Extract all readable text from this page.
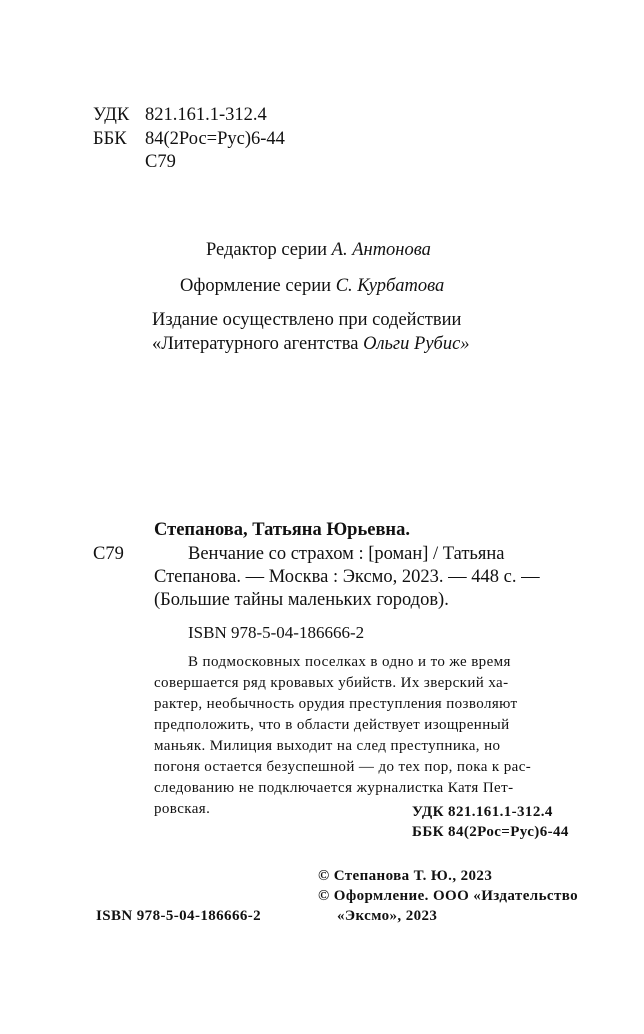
УДК 821.161.1-312.4
ББК 84(2Рос=Рус)6-44
С79
Редактор серии А. Антонова
Оформление серии С. Курбатова
Издание осуществлено при содействии
«Литературного агентства Ольги Рубис»
С79
Степанова, Татьяна Юрьевна.
Венчание со страхом : [роман] / Татьяна
Степанова. — Москва : Эксмо, 2023. — 448 с. —
(Большие тайны маленьких городов).
ISBN 978-5-04-186666-2
В подмосковных поселках в одно и то же время
совершается ряд кровавых убийств. Их зверский ха-
рактер, необычность орудия преступления позволяют
предположить, что в области действует изощренный
маньяк. Милиция выходит на след преступника, но
погоня остается безуспешной — до тех пор, пока к рас-
следованию не подключается журналистка Катя Пет-
ровская.	УДК 821.161.1-312.4
ББК 84(2Рос=Рус)6-44
© Степанова Т. Ю., 2023
© Оформление. ООО «Издательство
«Эксмо», 2023
ISBN 978-5-04-186666-2
